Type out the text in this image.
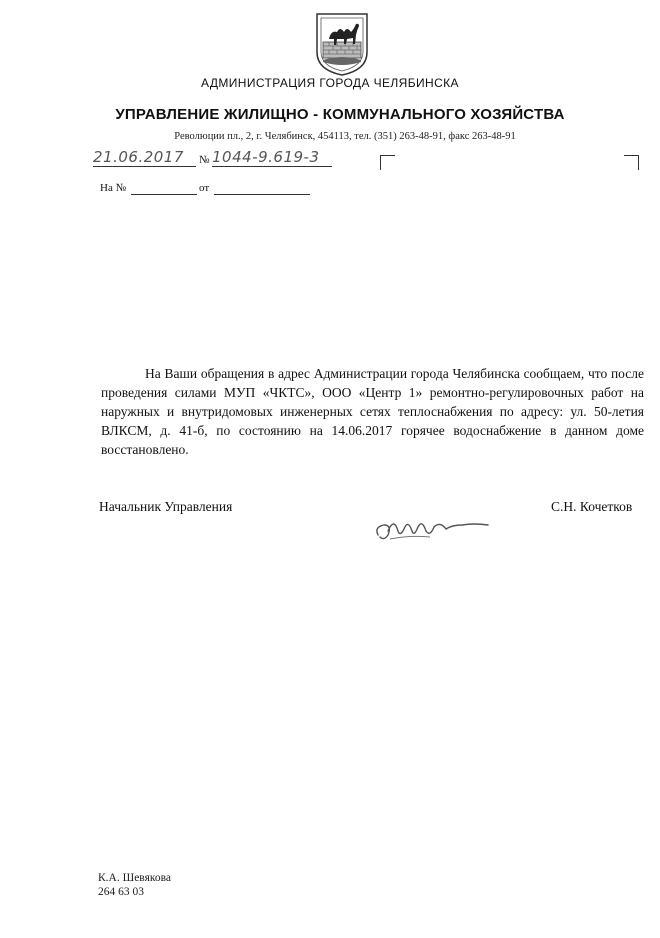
АДМИНИСТРАЦИЯ ГОРОДА ЧЕЛЯБИНСКА
УПРАВЛЕНИЕ ЖИЛИЩНО - КОММУНАЛЬНОГО ХОЗЯЙСТВА
Революции пл., 2, г. Челябинск, 454113, тел. (351) 263-48-91, факс 263-48-91
21.06.2017 № 1044-9.619-3
На №	от
На Ваши обращения в адрес Администрации города Челябинска сообщаем, что после проведения силами МУП «ЧКТС», ООО «Центр 1» ремонтно-регулировочных работ на наружных и внутридомовых инженерных сетях теплоснабжения по адресу: ул. 50-летия ВЛКСМ, д. 41-б, по состоянию на 14.06.2017 горячее водоснабжение в данном доме восстановлено.
Начальник Управления	С.Н. Кочетков
К.А. Шевякова
264 63 03
